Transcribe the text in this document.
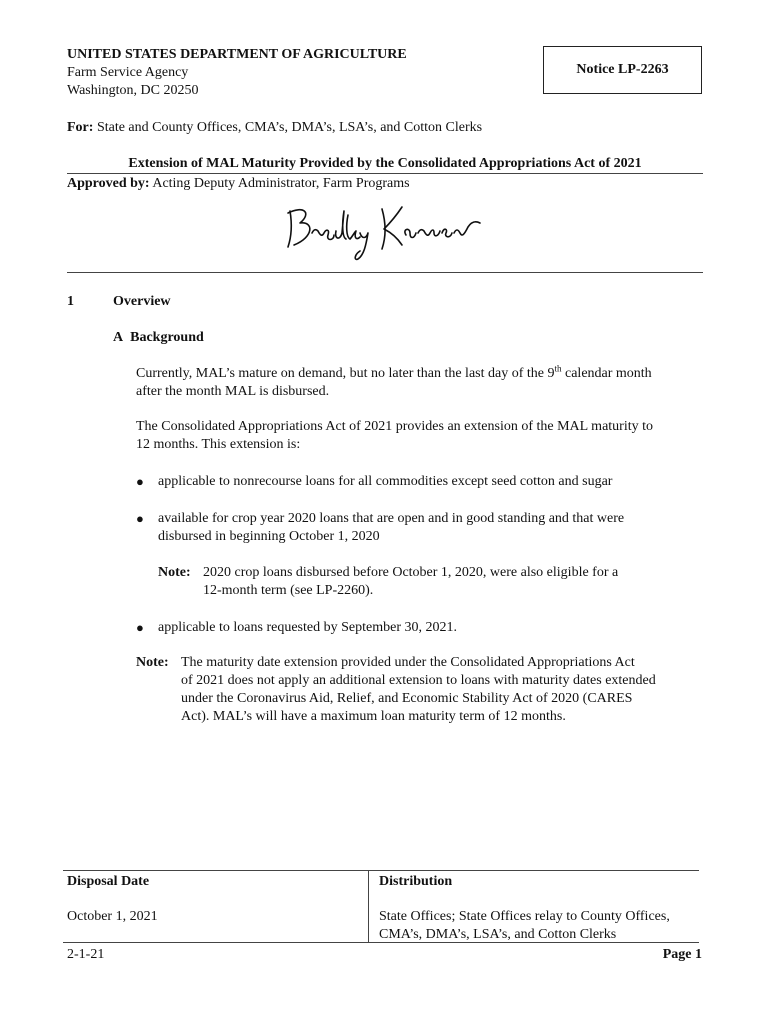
UNITED STATES DEPARTMENT OF AGRICULTURE
Farm Service Agency
Washington, DC 20250
Notice LP-2263
For: State and County Offices, CMA’s, DMA’s, LSA’s, and Cotton Clerks
Extension of MAL Maturity Provided by the Consolidated Appropriations Act of 2021
Approved by: Acting Deputy Administrator, Farm Programs
1	Overview
A Background
Currently, MAL’s mature on demand, but no later than the last day of the 9th calendar month
after the month MAL is disbursed.
The Consolidated Appropriations Act of 2021 provides an extension of the MAL maturity to
12 months. This extension is:
● applicable to nonrecourse loans for all commodities except seed cotton and sugar
● available for crop year 2020 loans that are open and in good standing and that were
disbursed in beginning October 1, 2020
Note: 2020 crop loans disbursed before October 1, 2020, were also eligible for a
12-month term (see LP-2260).
● applicable to loans requested by September 30, 2021.
Note: The maturity date extension provided under the Consolidated Appropriations Act
of 2021 does not apply an additional extension to loans with maturity dates extended
under the Coronavirus Aid, Relief, and Economic Stability Act of 2020 (CARES
Act). MAL’s will have a maximum loan maturity term of 12 months.
Disposal Date	Distribution
October 1, 2021	State Offices; State Offices relay to County Offices,
CMA’s, DMA’s, LSA’s, and Cotton Clerks
2-1-21	Page 1
